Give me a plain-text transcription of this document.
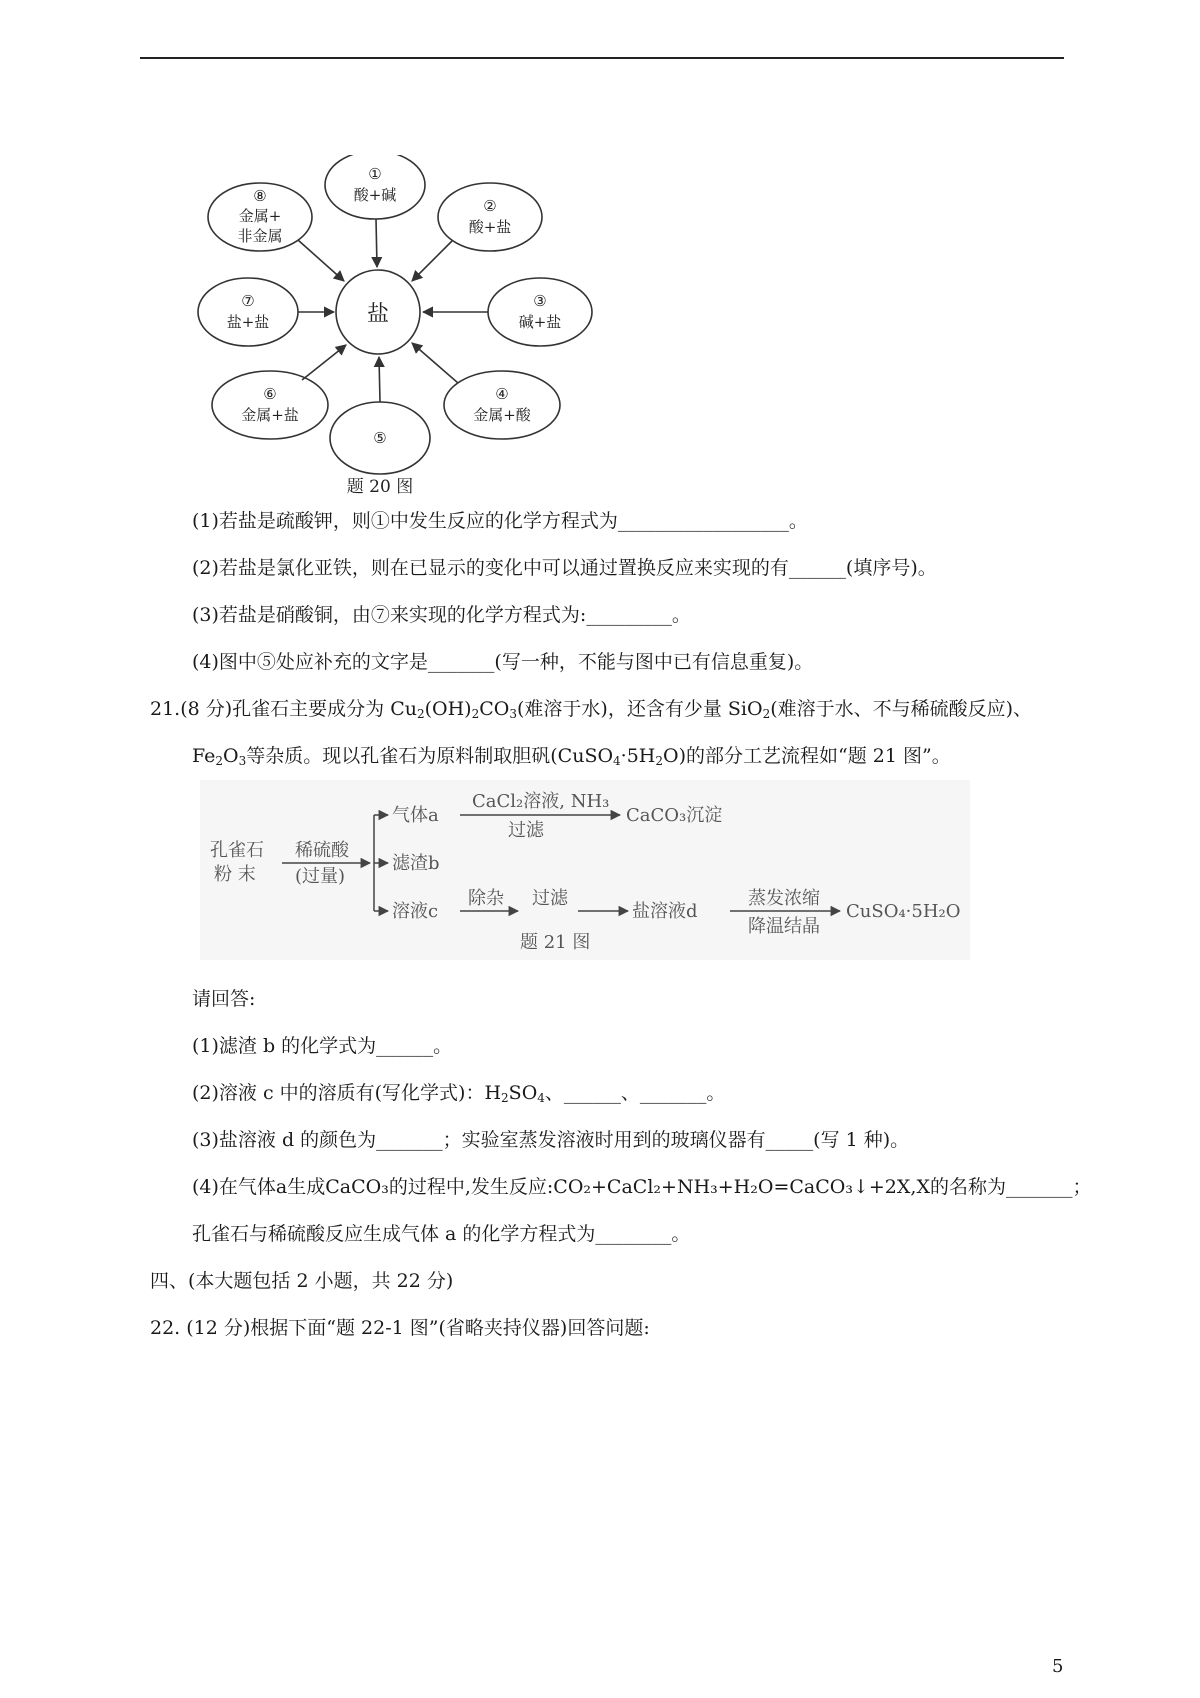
盐
①
酸+碱
②
酸+盐
③
碱+盐
④
金属+酸
⑤
⑥
金属+盐
⑦
盐+盐
⑧
金属+
非金属
题 20 图
(1)若盐是疏酸钾，则①中发生反应的化学方程式为__________________。
(2)若盐是氯化亚铁，则在已显示的变化中可以通过置换反应来实现的有______(填序号)。
(3)若盐是硝酸铜，由⑦来实现的化学方程式为:_________。
(4)图中⑤处应补充的文字是_______(写一种，不能与图中已有信息重复)。
21.(8 分)孔雀石主要成分为 $Cu_2(OH)_2CO_3$(难溶于水)，还含有少量 SiO$_2$(难溶于水、不与稀硫酸反应)、
$Fe_2O_3$等杂质。现以孔雀石为原料制取胆矾$(CuSO_4\cdot 5H_2O)$的部分工艺流程如“题 21 图”。
孔雀石
粉 末
稀硫酸
(过量)
气体a
CaCl₂溶液, NH₃
过滤
CaCO₃沉淀
滤渣b
溶液c
除杂 过滤
盐溶液d
蒸发浓缩
降温结晶
CuSO₄·5H₂O
题 21 图
请回答:
(1)滤渣 b 的化学式为______。
(2)溶液 c 中的溶质有(写化学式)：$H_2SO_4$、______、_______。
(3)盐溶液 d 的颜色为_______；实验室蒸发溶液时用到的玻璃仪器有_____(写 1 种)。
(4)在气体a生成CaCO₃的过程中,发生反应:CO₂+CaCl₂+NH₃+H₂O=CaCO₃↓+2X,X的名称为_______；
孔雀石与稀硫酸反应生成气体 a 的化学方程式为________。
四、(本大题包括 2 小题，共 22 分)
22. (12 分)根据下面“题 22-1 图”(省略夹持仪器)回答问题:
5
